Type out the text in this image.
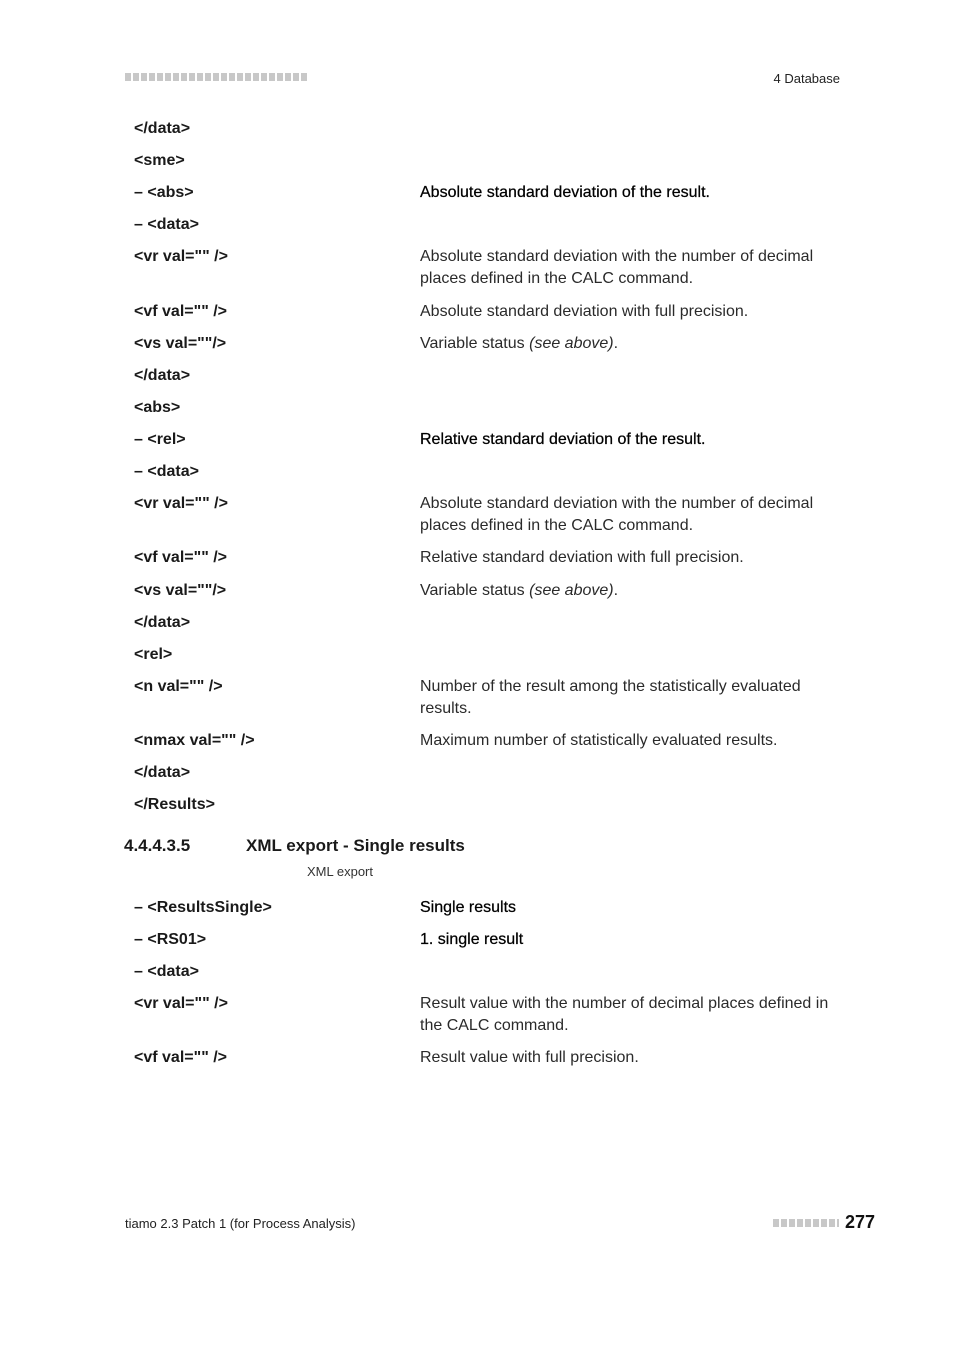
4 Database
</data>
<sme>
– <abs>	Absolute standard deviation of the result.
– <data>
<vr val="" />	Absolute standard deviation with the number of decimal places defined in the CALC command.
<vf val="" />	Absolute standard deviation with full precision.
<vs val=""/>	Variable status (see above).
</data>
<abs>
– <rel>	Relative standard deviation of the result.
– <data>
<vr val="" />	Absolute standard deviation with the number of decimal places defined in the CALC command.
<vf val="" />	Relative standard deviation with full precision.
<vs val=""/>	Variable status (see above).
</data>
<rel>
<n val="" />	Number of the result among the statistically evaluated results.
<nmax val="" />	Maximum number of statistically evaluated results.
</data>
</Results>
4.4.4.3.5	XML export - Single results
XML export
– <ResultsSingle>	Single results
– <RS01>	1. single result
– <data>
<vr val="" />	Result value with the number of decimal places defined in the CALC command.
<vf val="" />	Result value with full precision.
tiamo 2.3 Patch 1 (for Process Analysis)	277
